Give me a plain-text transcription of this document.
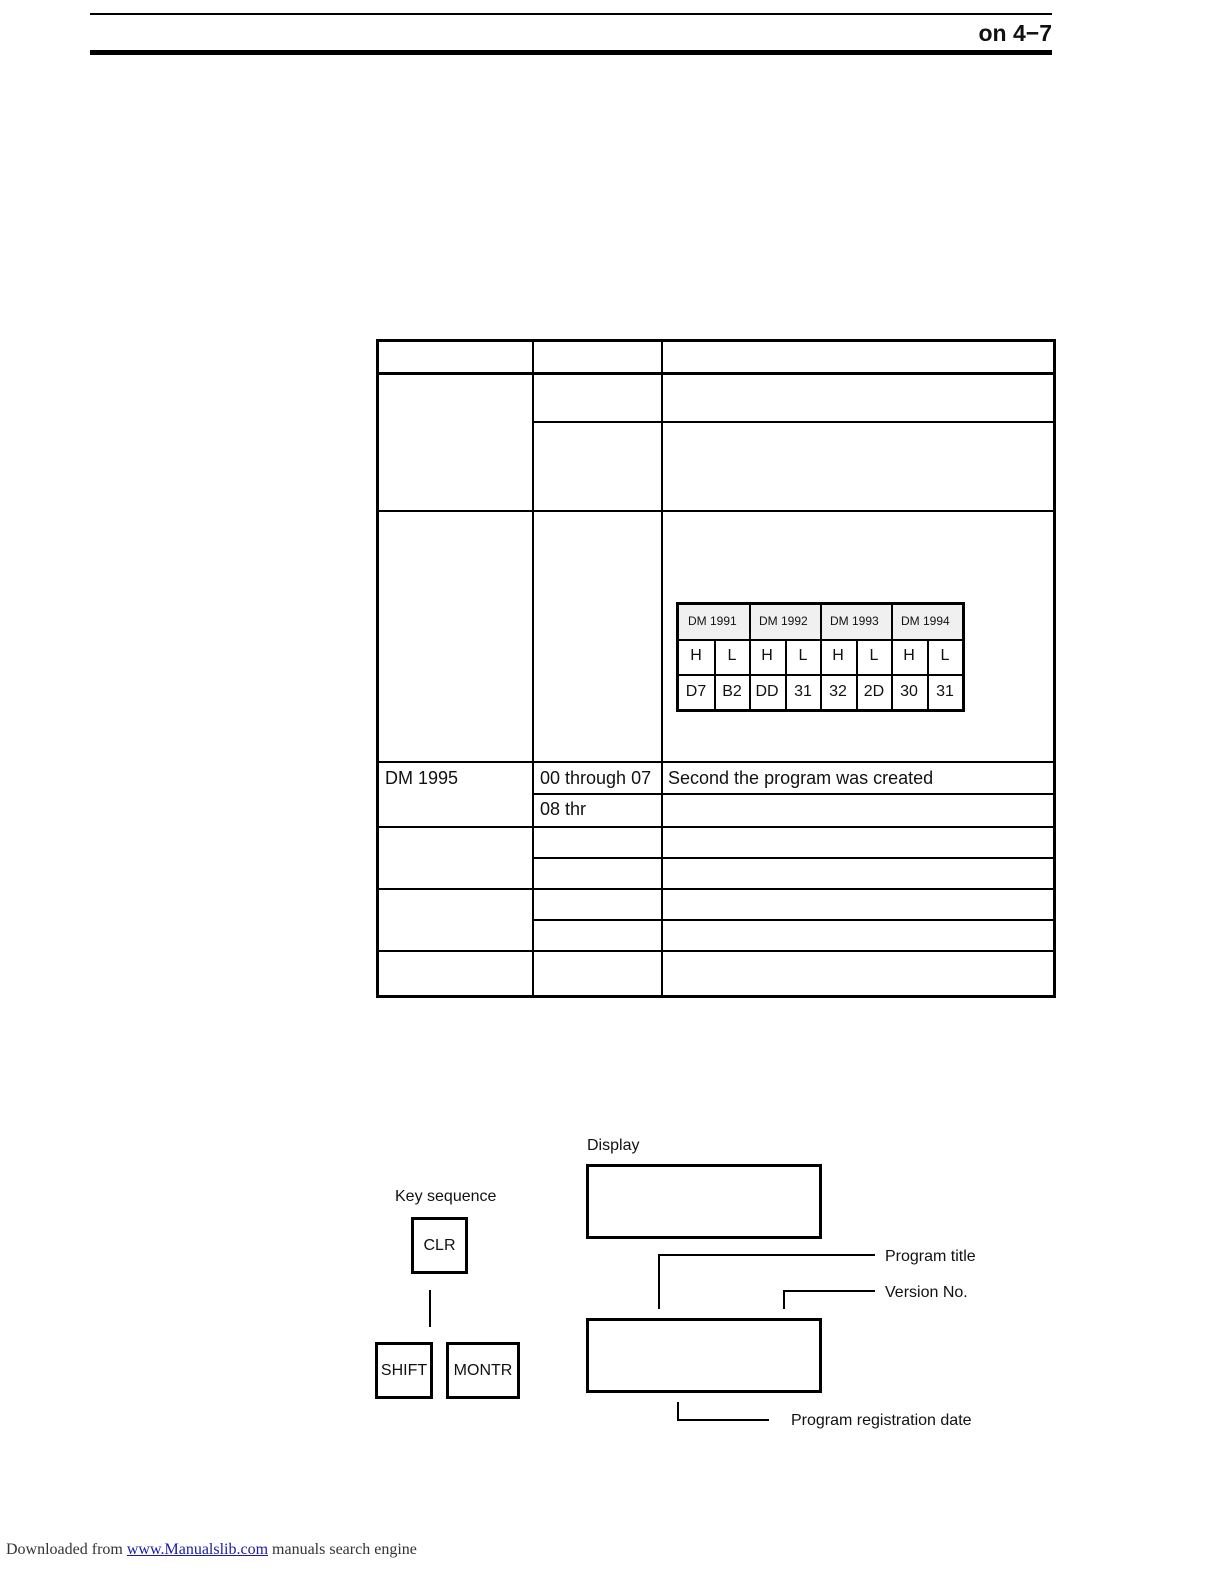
on 4−7
DM 1995	00 through 07 Second the program was created
08 thr
DM 1991 DM 1992 DM 1993 DM 1994
H	L	H	L	H	L	H	L
D7 B2 DD 31	32	2D 30	31
Display
Key sequence
CLR
SHIFT	MONTR
Program title
Version No.
Program registration date
Downloaded from www.Manualslib.com manuals search engine
